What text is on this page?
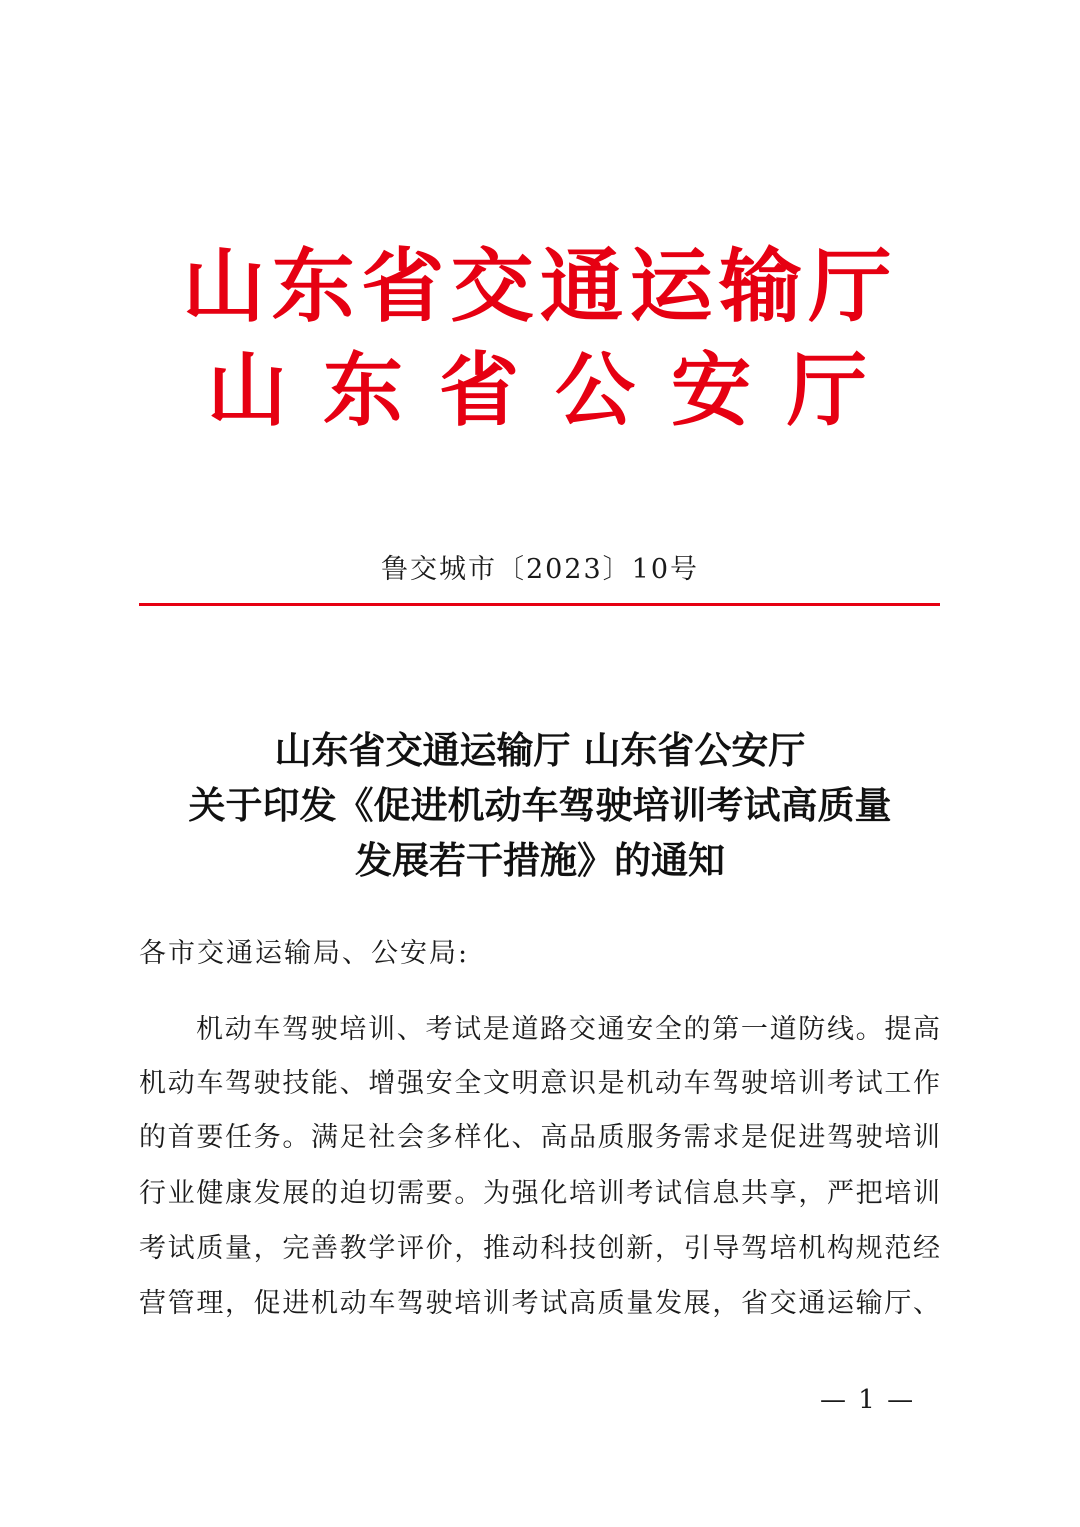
山东省交通运输厅
山东省公安厅
鲁交城市〔2023〕10号
山东省交通运输厅 山东省公安厅
关于印发《促进机动车驾驶培训考试高质量
发展若干措施》的通知
各市交通运输局、公安局:
机动车驾驶培训、考试是道路交通安全的第一道防线。提高
机动车驾驶技能、增强安全文明意识是机动车驾驶培训考试工作
的首要任务。满足社会多样化、高品质服务需求是促进驾驶培训
行业健康发展的迫切需要。为强化培训考试信息共享，严把培训
考试质量，完善教学评价，推动科技创新，引导驾培机构规范经
营管理，促进机动车驾驶培训考试高质量发展，省交通运输厅、
— 1 —
